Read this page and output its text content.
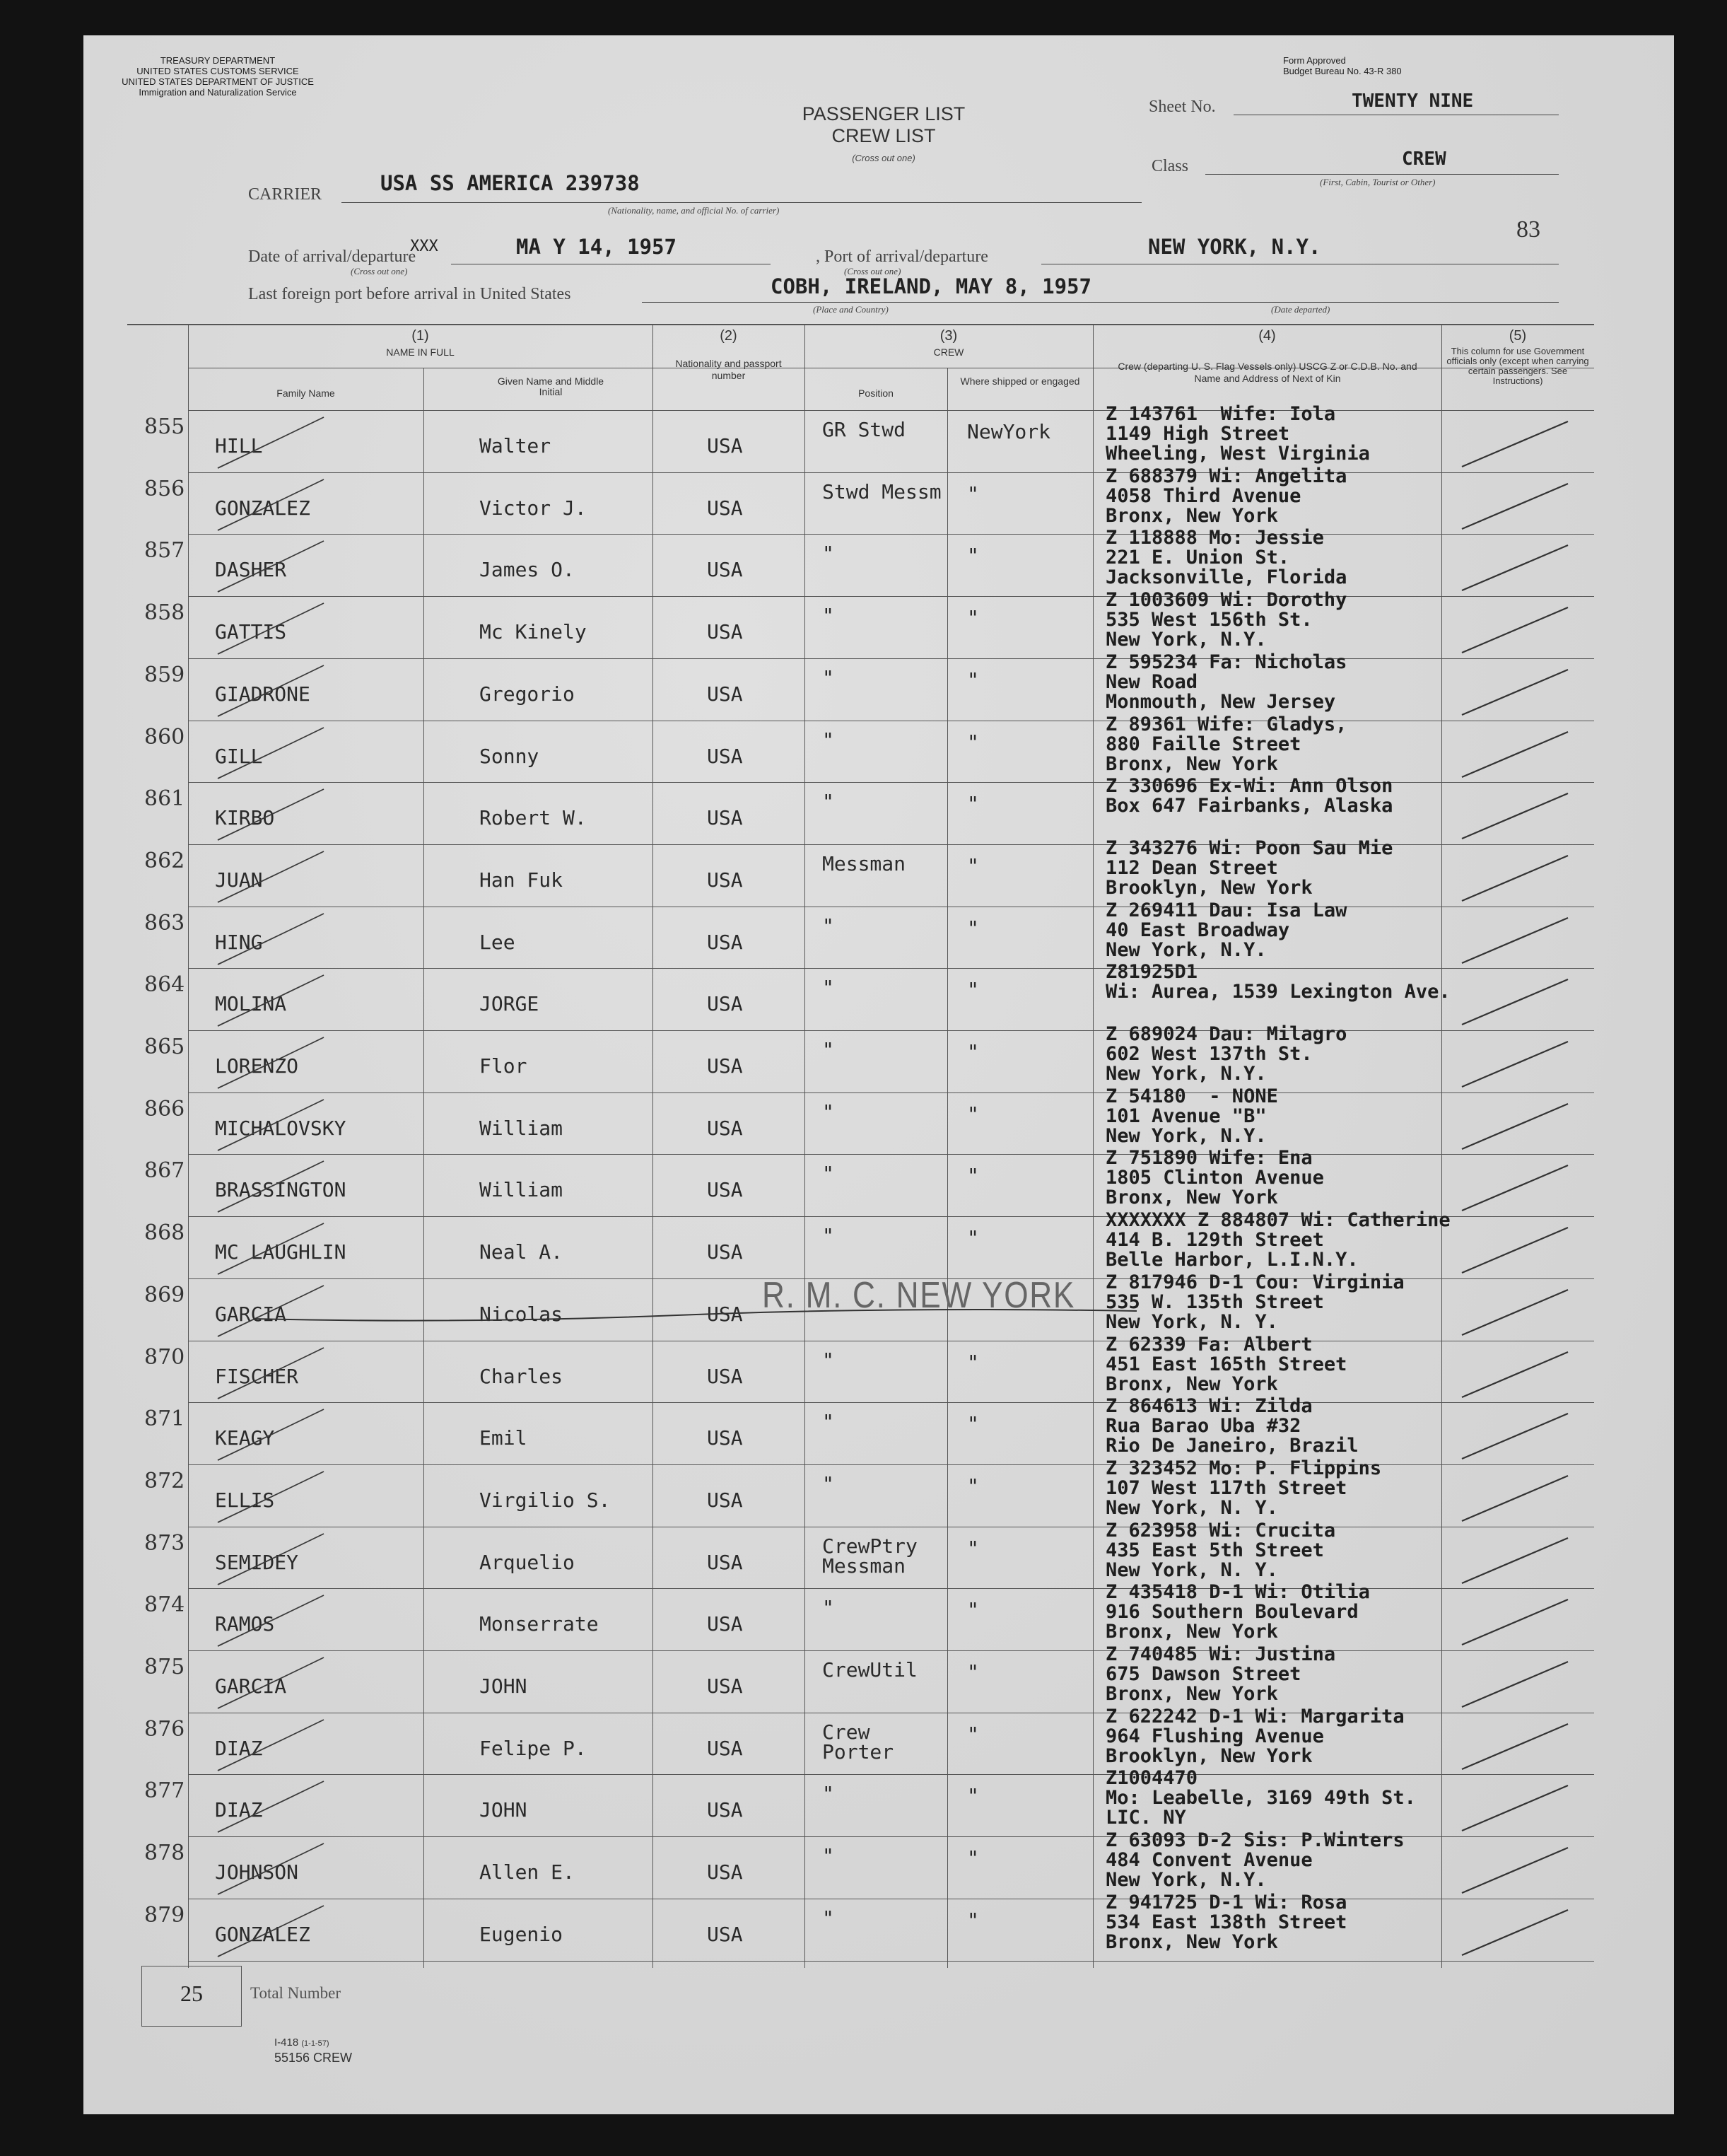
TREASURY DEPARTMENT
UNITED STATES CUSTOMS SERVICE
UNITED STATES DEPARTMENT OF JUSTICE
Immigration and Naturalization Service
Form Approved
Budget Bureau No. 43-R 380
PASSENGER LIST
CREW LIST
(Cross out one)
Sheet No.	TWENTY NINE
Class	CREW
(First, Cabin, Tourist or Other)
CARRIER	USA SS AMERICA 239738
(Nationality, name, and official No. of carrier)
83
Date of arrival/departure
(Cross out one)
XXX	MA Y 14, 1957	, Port of arrival/departure
(Cross out one)
NEW YORK, N.Y.
Last foreign port before arrival in United States	COBH, IRELAND, MAY 8, 1957
(Place and Country)	(Date departed)
(1)
NAME IN FULL
Family Name
Given Name and Middle Initial
(2)
Nationality and passport number
(3)
CREW
Position
Where shipped or engaged
(4)
Crew (departing U. S. Flag Vessels only) USCG Z or C.D.B. No. and Name and Address of Next of Kin
(5)
This column for use Government officials only (except when carrying certain passengers. See Instructions)
855
HILL	Walter	USA
GR Stwd	NewYork
Z 143761  Wife: Iola
1149 High Street
Wheeling, West Virginia
856
GONZALEZ	Victor J.	USA
Stwd Messm "
Z 688379 Wi: Angelita
4058 Third Avenue
Bronx, New York
857
DASHER	James O.	USA
"	"
Z 118888 Mo: Jessie
221 E. Union St.
Jacksonville, Florida
858
GATTIS	Mc Kinely	USA
"	"
Z 1003609 Wi: Dorothy
535 West 156th St.
New York, N.Y.
859
GIADRONE	Gregorio	USA
"	"
Z 595234 Fa: Nicholas
New Road
Monmouth, New Jersey
860
GILL	Sonny	USA
"	"
Z 89361 Wife: Gladys,
880 Faille Street
Bronx, New York
861
KIRBO	Robert W.	USA
"	"
Z 330696 Ex-Wi: Ann Olson
Box 647 Fairbanks, Alaska
862
JUAN	Han Fuk	USA
Messman	"
Z 343276 Wi: Poon Sau Mie
112 Dean Street
Brooklyn, New York
863
HING	Lee	USA
"	"
Z 269411 Dau: Isa Law
40 East Broadway
New York, N.Y.
864
MOLINA	JORGE	USA
"	"
Z81925D1
Wi: Aurea, 1539 Lexington Ave.
865
LORENZO	Flor	USA
"	"
Z 689024 Dau: Milagro
602 West 137th St.
New York, N.Y.
866
MICHALOVSKY	William	USA
"	"
Z 54180  - NONE
101 Avenue "B"
New York, N.Y.
867
BRASSINGTON	William	USA
"	"
Z 751890 Wife: Ena
1805 Clinton Avenue
Bronx, New York
868
MC LAUGHLIN	Neal A.	USA
"	"
XXXXXXX Z 884807 Wi: Catherine
414 B. 129th Street
Belle Harbor, L.I.N.Y.
869
GARCIA	Nicolas	USA
Z 817946 D-1 Cou: Virginia
535 W. 135th Street
New York, N. Y.
870
FISCHER	Charles	USA
"	"
Z 62339 Fa: Albert
451 East 165th Street
Bronx, New York
871
KEAGY	Emil	USA
"	"
Z 864613 Wi: Zilda
Rua Barao Uba #32
Rio De Janeiro, Brazil
872
ELLIS	Virgilio S.	USA
"	"
Z 323452 Mo: P. Flippins
107 West 117th Street
New York, N. Y.
873
SEMIDEY	Arquelio	USA
CrewPtry
Messman
"
Z 623958 Wi: Crucita
435 East 5th Street
New York, N. Y.
874
RAMOS	Monserrate	USA
"	"
Z 435418 D-1 Wi: Otilia
916 Southern Boulevard
Bronx, New York
875
GARCIA	JOHN	USA
CrewUtil	"
Z 740485 Wi: Justina
675 Dawson Street
Bronx, New York
876
DIAZ	Felipe P.	USA
Crew
Porter
"
Z 622242 D-1 Wi: Margarita
964 Flushing Avenue
Brooklyn, New York
877
DIAZ	JOHN	USA
"	"
Z1004470
Mo: Leabelle, 3169 49th St.
LIC. NY
878
JOHNSON	Allen E.	USA
"	"
Z 63093 D-2 Sis: P.Winters
484 Convent Avenue
New York, N.Y.
879
GONZALEZ	Eugenio	USA
"	"
Z 941725 D-1 Wi: Rosa
534 East 138th Street
Bronx, New York
R. M. C. NEW YORK
25	Total Number
I-418 (1-1-57)
55156 CREW
